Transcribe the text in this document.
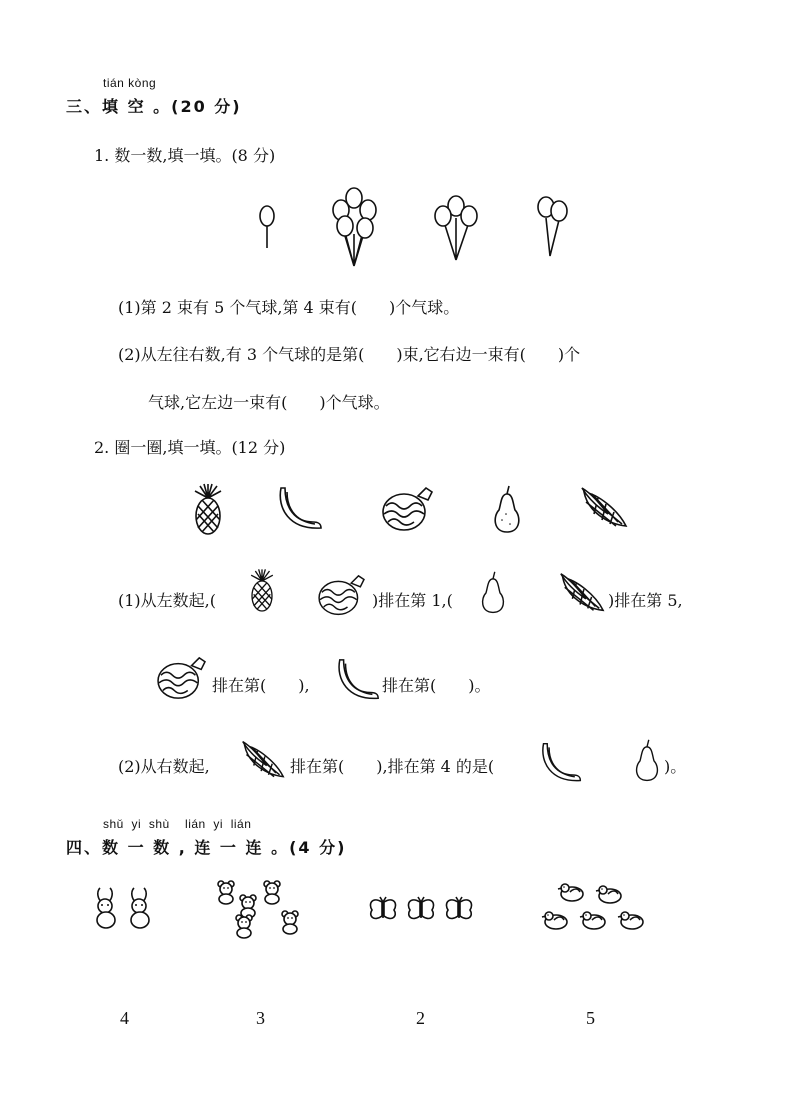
tián kòng
三、填 空 。(20 分)
1. 数一数,填一填。(8 分)
(1)第 2 束有 5 个气球,第 4 束有(　　)个气球。
(2)从左往右数,有 3 个气球的是第(　　)束,它右边一束有(　　)个
气球,它左边一束有(　　)个气球。
2. 圈一圈,填一填。(12 分)
(1)从左数起,(	)排在第 1,(	)排在第 5,
排在第(　　),	排在第(　　)。
(2)从右数起,	排在第(　　),排在第 4 的是(	)。
shǔ  yi  shù    lián  yi  lián
四、数 一 数 , 连 一 连 。(4 分)
4	3	2	5
